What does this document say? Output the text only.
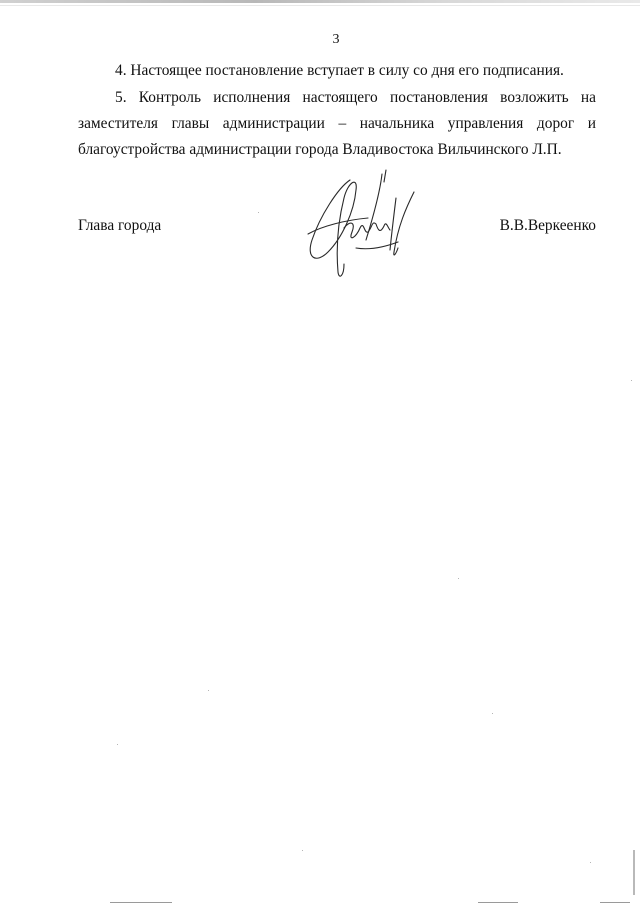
3

4. Настоящее постановление вступает в силу со дня его подписания.

5. Контроль исполнения настоящего постановления возложить на заместителя главы администрации – начальника управления дорог и благоустройства администрации города Владивостока Вильчинского Л.П.

Глава города	В.В.Веркеенко
